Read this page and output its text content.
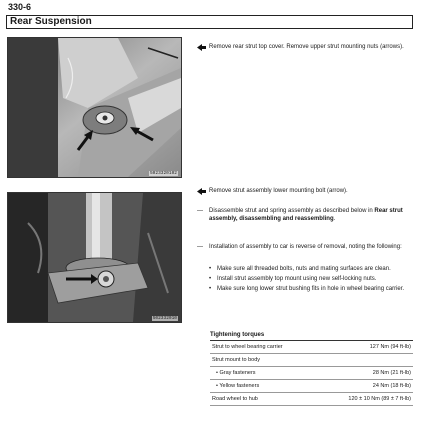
330-6
Rear Suspension
5023320102
502332010
Remove rear strut top cover. Remove upper strut mounting nuts (arrows).
Remove strut assembly lower mounting bolt (arrow).
—	Disassemble strut and spring assembly as described below in Rear strut assembly, disassembling and reassembling.
—	Installation of assembly to car is reverse of removal, noting the following:
• Make sure all threaded bolts, nuts and mating surfaces are clean.
• Install strut assembly top mount using new self-locking nuts.
• Make sure long lower strut bushing fits in hole in wheel bearing carrier.
Tightening torques
Strut to wheel bearing carrier	127 Nm (94 ft-lb)
Strut mount to body
• Gray fasteners	28 Nm (21 ft-lb)
• Yellow fasteners	24 Nm (18 ft-lb)
Road wheel to hub	120 ± 10 Nm (89 ± 7 ft-lb)
